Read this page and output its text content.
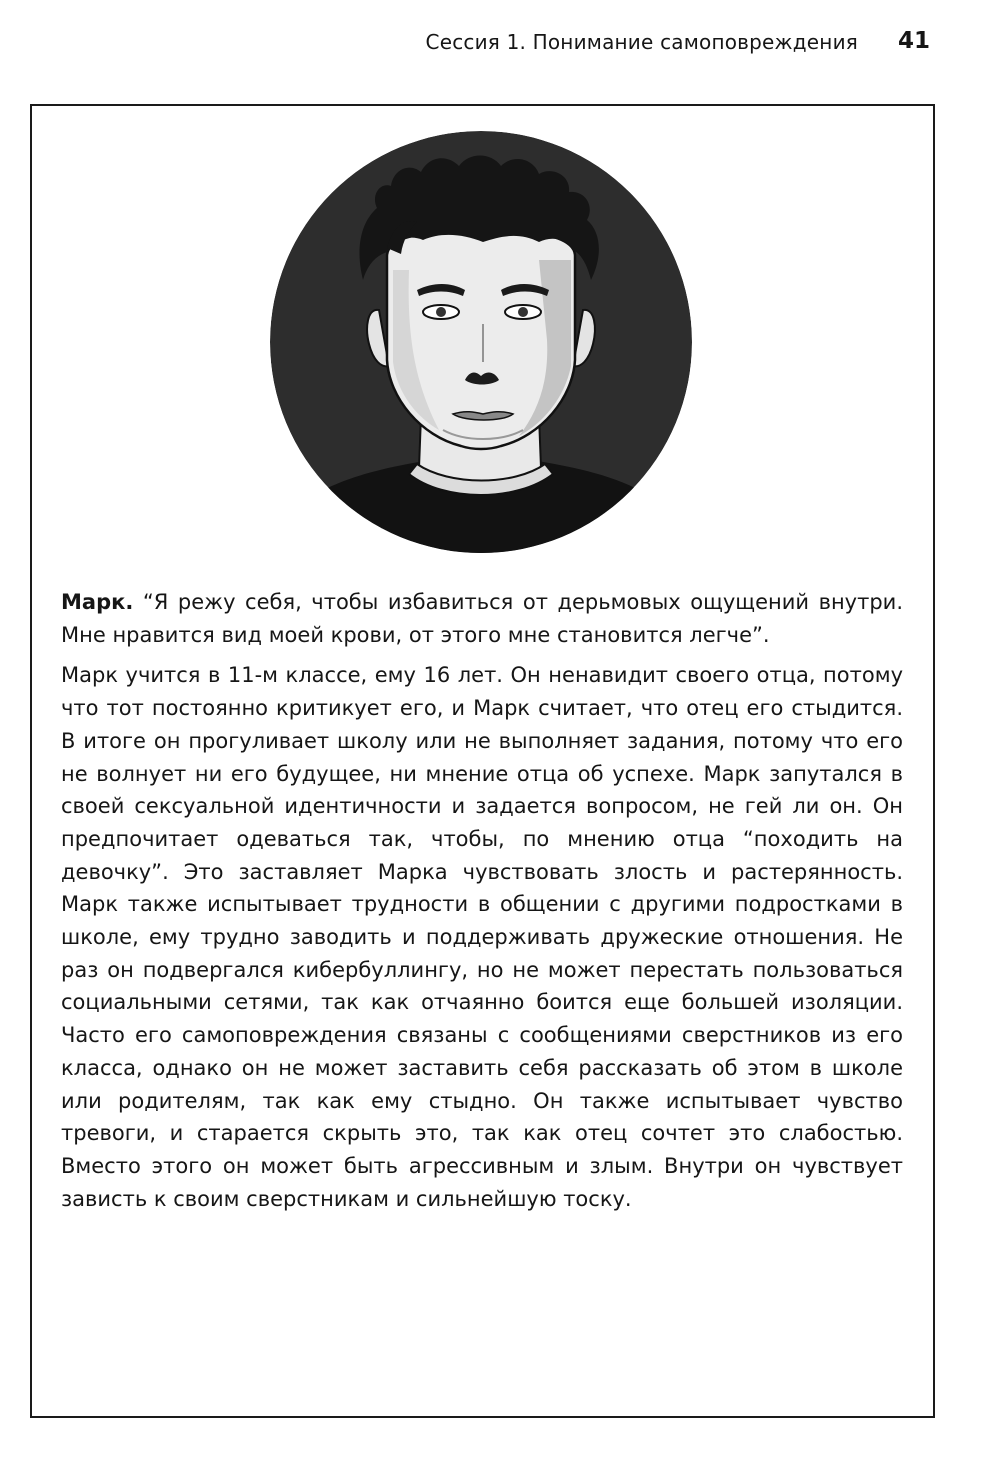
Сессия 1. Понимание самоповреждения 41

Марк. “Я режу себя, чтобы избавиться от дерьмовых ощущений внутри. Мне нравится вид моей крови, от этого мне становится легче”.

Марк учится в 11-м классе, ему 16 лет. Он ненавидит своего отца, потому что тот постоянно критикует его, и Марк считает, что отец его стыдится. В итоге он прогуливает школу или не выполняет задания, потому что его не волнует ни его будущее, ни мнение отца об успехе. Марк запутался в своей сексуальной идентичности и задается вопросом, не гей ли он. Он предпочитает одеваться так, чтобы, по мнению отца “походить на девочку”. Это заставляет Марка чувствовать злость и растерянность. Марк также испытывает трудности в общении с другими подростками в школе, ему трудно заводить и поддерживать дружеские отношения. Не раз он подвергался кибербуллингу, но не может перестать пользоваться социальными сетями, так как отчаянно боится еще большей изоляции. Часто его самоповреждения связаны с сообщениями сверстников из его класса, однако он не может заставить себя рассказать об этом в школе или родителям, так как ему стыдно. Он также испытывает чувство тревоги, и старается скрыть это, так как отец сочтет это слабостью. Вместо этого он может быть агрессивным и злым. Внутри он чувствует зависть к своим сверстникам и сильнейшую тоску.
